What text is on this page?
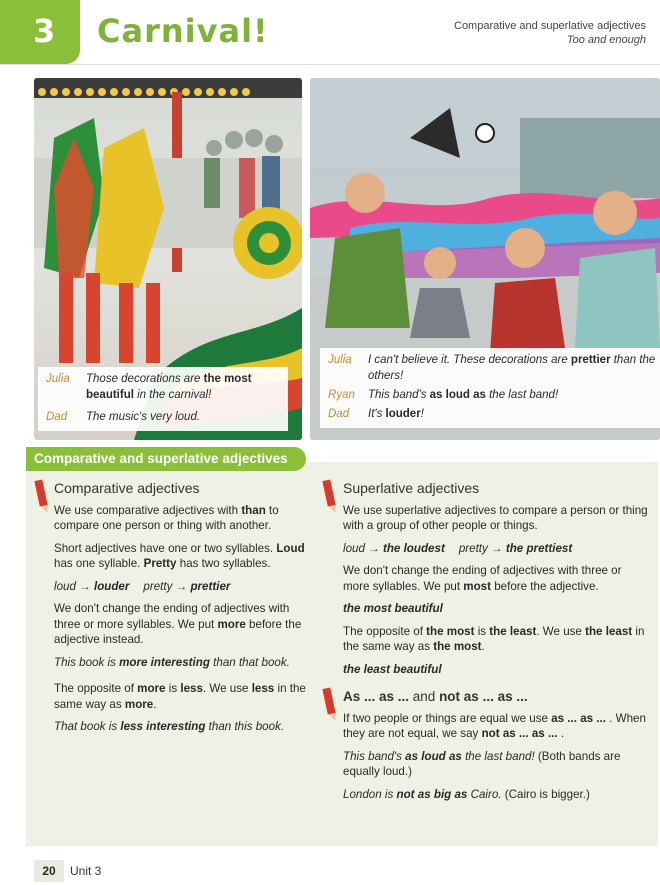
3 Carnival!	Comparative and superlative adjectives
Too and enough
Julia	Those decorations are the most beautiful in the carnival!
Dad	The music's very loud.
Julia	I can't believe it. These decorations are prettier than the others!
Ryan	This band's as loud as the last band!
Dad	It's louder!
Comparative and superlative adjectives

Comparative adjectives

We use comparative adjectives with than to compare one person or thing with another.

Short adjectives have one or two syllables. Loud has one syllable. Pretty has two syllables.

loud → louder pretty → prettier

We don't change the ending of adjectives with three or more syllables. We put more before the adjective instead.

This book is more interesting than that book.

The opposite of more is less. We use less in the same way as more.

That book is less interesting than this book.

Superlative adjectives

We use superlative adjectives to compare a person or thing with a group of other people or things.

loud → the loudest pretty → the prettiest

We don't change the ending of adjectives with three or more syllables. We put most before the adjective.

the most beautiful

The opposite of the most is the least. We use the least in the same way as the most.

the least beautiful

As ... as ... and not as ... as ...

If two people or things are equal we use as ... as ... . When they are not equal, we say not as ... as ... .

This band's as loud as the last band! (Both bands are equally loud.)

London is not as big as Cairo. (Cairo is bigger.)

20	Unit 3
